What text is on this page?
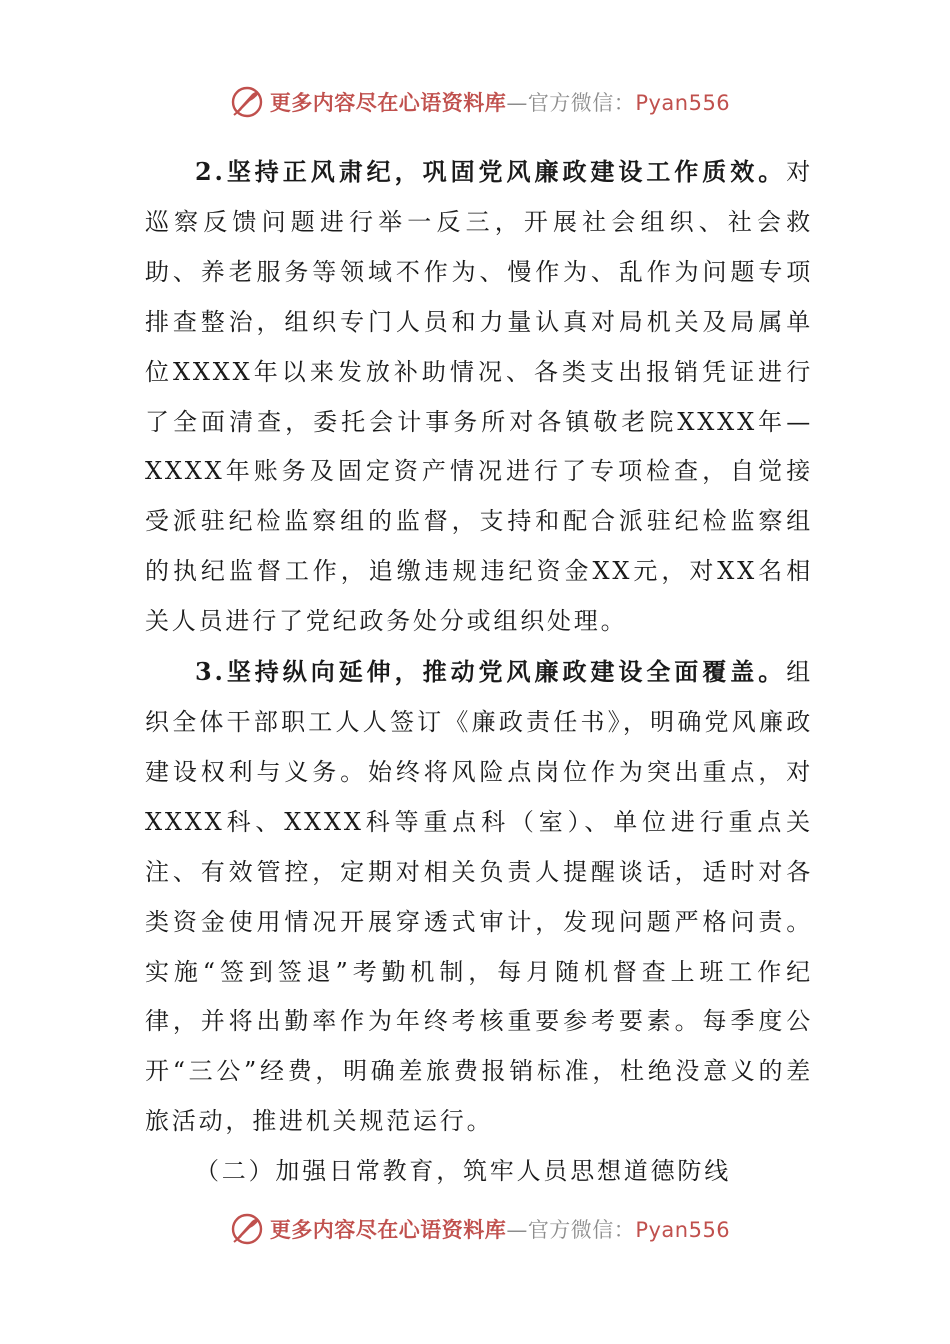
更多内容尽在心语资料库—官方微信：Pyan556

2.坚持正风肃纪，巩固党风廉政建设工作质效。对巡察反馈问题进行举一反三，开展社会组织、社会救助、养老服务等领域不作为、慢作为、乱作为问题专项排查整治，组织专门人员和力量认真对局机关及局属单位XXXX年以来发放补助情况、各类支出报销凭证进行了全面清查，委托会计事务所对各镇敬老院XXXX年—XXXX年账务及固定资产情况进行了专项检查，自觉接受派驻纪检监察组的监督，支持和配合派驻纪检监察组的执纪监督工作，追缴违规违纪资金XX元，对XX名相关人员进行了党纪政务处分或组织处理。

3.坚持纵向延伸，推动党风廉政建设全面覆盖。组织全体干部职工人人签订《廉政责任书》，明确党风廉政建设权利与义务。始终将风险点岗位作为突出重点，对XXXX科、XXXX科等重点科（室）、单位进行重点关注、有效管控，定期对相关负责人提醒谈话，适时对各类资金使用情况开展穿透式审计，发现问题严格问责。实施“签到签退”考勤机制，每月随机督查上班工作纪律，并将出勤率作为年终考核重要参考要素。每季度公开“三公”经费，明确差旅费报销标准，杜绝没意义的差旅活动，推进机关规范运行。

（二）加强日常教育，筑牢人员思想道德防线

更多内容尽在心语资料库—官方微信：Pyan556
